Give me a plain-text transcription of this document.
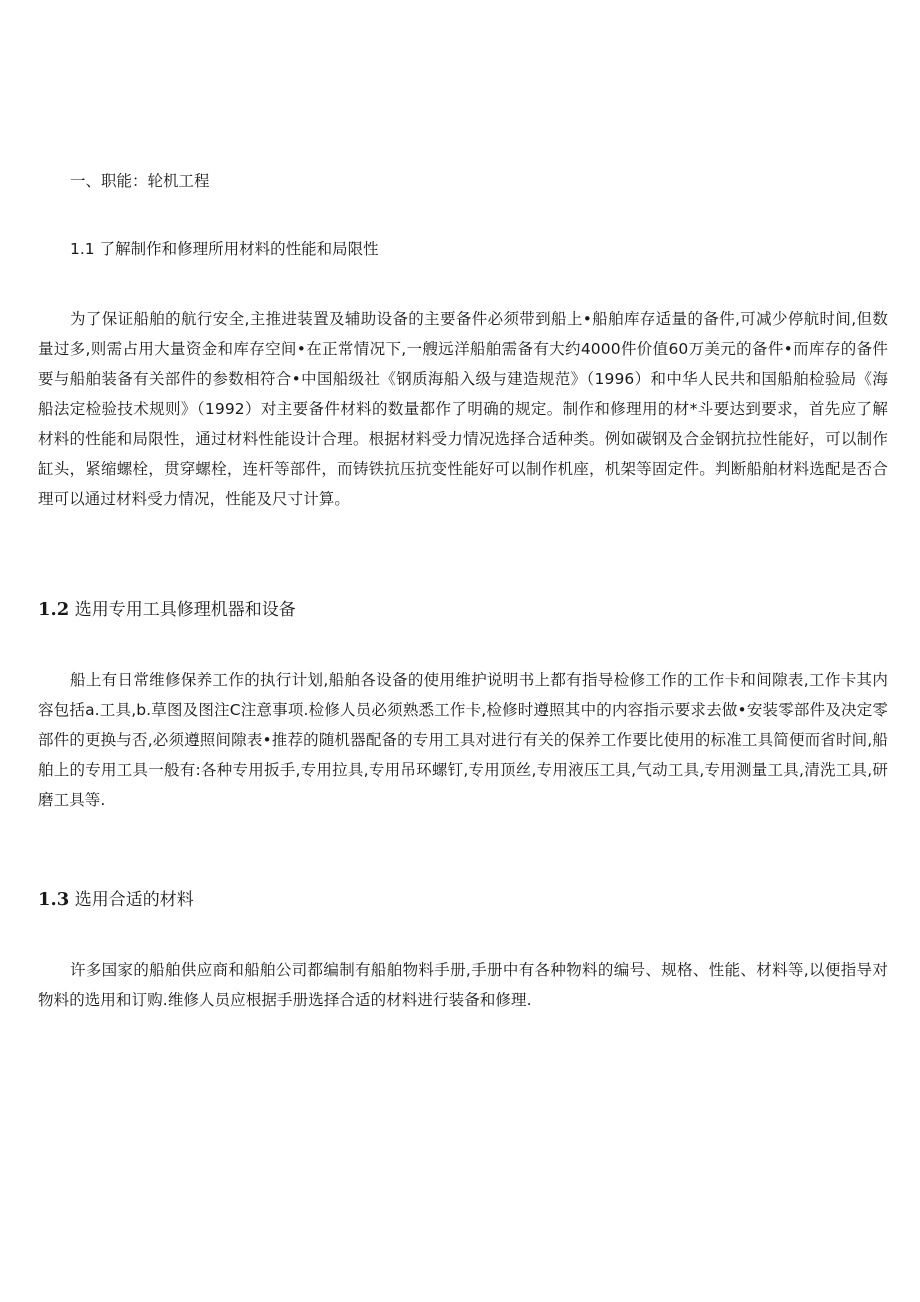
一、职能：轮机工程

1.1 了解制作和修理所用材料的性能和局限性

为了保证船舶的航行安全,主推进装置及辅助设备的主要备件必须带到船上•船舶库存适量的备件,可减少停航时间,但数量过多,则需占用大量资金和库存空间•在正常情况下,一艘远洋船舶需备有大约4000件价值60万美元的备件•而库存的备件要与船舶装备有关部件的参数相符合•中国船级社《钢质海船入级与建造规范》（1996）和中华人民共和国船舶检验局《海船法定检验技术规则》（1992）对主要备件材料的数量都作了明确的规定。制作和修理用的材*斗要达到要求，首先应了解材料的性能和局限性，通过材料性能设计合理。根据材料受力情况选择合适种类。例如碳钢及合金钢抗拉性能好，可以制作缸头，紧缩螺栓，贯穿螺栓，连杆等部件，而铸铁抗压抗变性能好可以制作机座，机架等固定件。判断船舶材料选配是否合理可以通过材料受力情况，性能及尺寸计算。

1.2 选用专用工具修理机器和设备

船上有日常维修保养工作的执行计划,船舶各设备的使用维护说明书上都有指导检修工作的工作卡和间隙表,工作卡其内容包括a.工具,b.草图及图注C注意事项.检修人员必须熟悉工作卡,检修时遵照其中的内容指示要求去做•安装零部件及决定零部件的更换与否,必须遵照间隙表•推荐的随机器配备的专用工具对进行有关的保养工作要比使用的标准工具简便而省时间,船舶上的专用工具一般有:各种专用扳手,专用拉具,专用吊环螺钉,专用顶丝,专用液压工具,气动工具,专用测量工具,清洗工具,研磨工具等.

1.3 选用合适的材料

许多国家的船舶供应商和船舶公司都编制有船舶物料手册,手册中有各种物料的编号、规格、性能、材料等,以便指导对物料的选用和订购.维修人员应根据手册选择合适的材料进行装备和修理.
